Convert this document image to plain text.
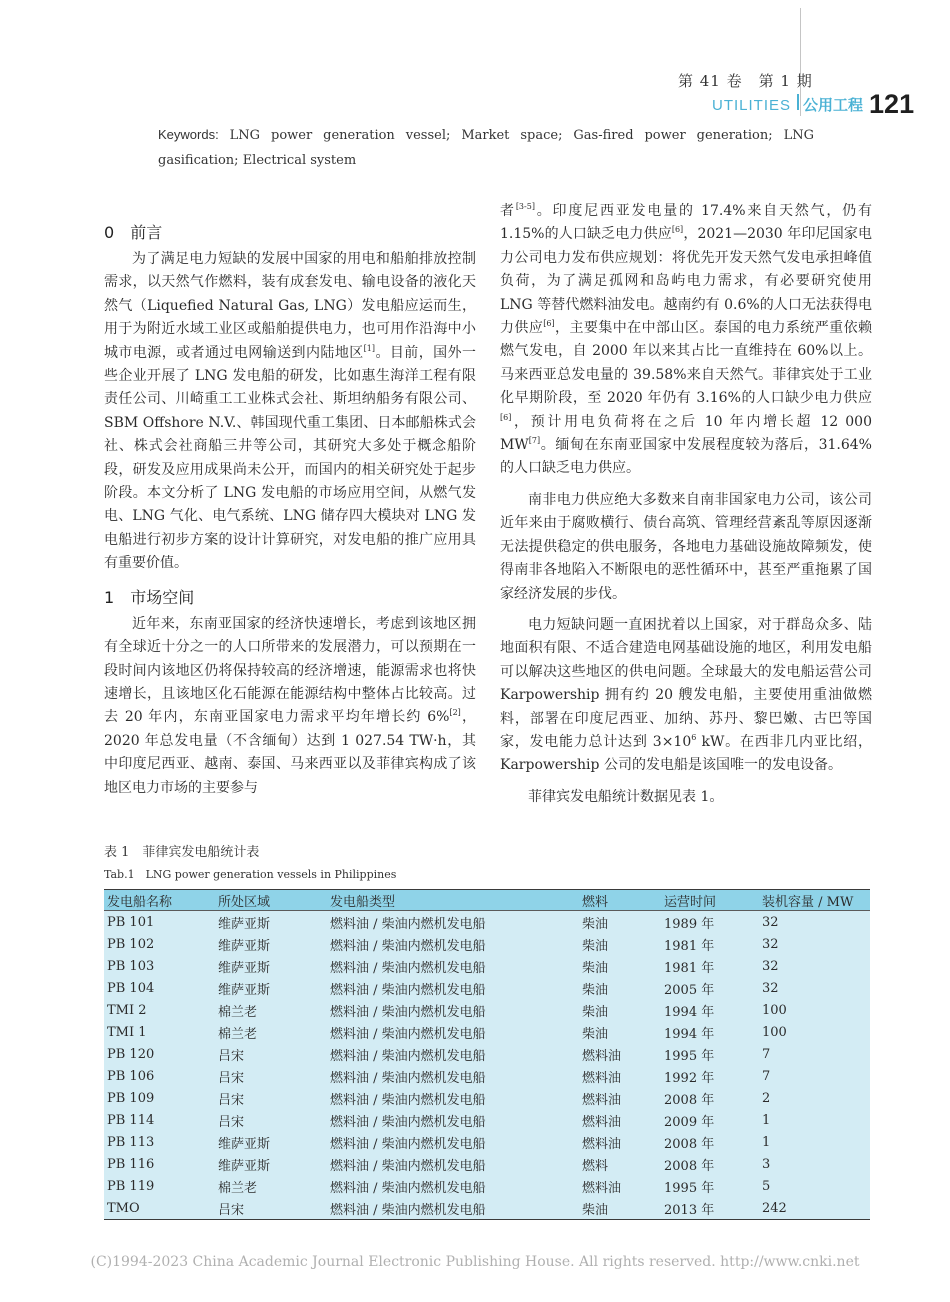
第 41 卷　第 1 期
UTILITIES 公用工程 121
Keywords: LNG power generation vessel; Market space; Gas-fired power generation; LNG gasification; Electrical system
0 前言

为了满足电力短缺的发展中国家的用电和船舶排放控制需求，以天然气作燃料，装有成套发电、输电设备的液化天然气（Liquefied Natural Gas, LNG）发电船应运而生，用于为附近水域工业区或船舶提供电力，也可用作沿海中小城市电源，或者通过电网输送到内陆地区[1]。目前，国外一些企业开展了 LNG 发电船的研发，比如惠生海洋工程有限责任公司、川崎重工工业株式会社、斯坦纳船务有限公司、SBM Offshore N.V.、韩国现代重工集团、日本邮船株式会社、株式会社商船三井等公司，其研究大多处于概念船阶段，研发及应用成果尚未公开，而国内的相关研究处于起步阶段。本文分析了 LNG 发电船的市场应用空间，从燃气发电、LNG 气化、电气系统、LNG 储存四大模块对 LNG 发电船进行初步方案的设计计算研究，对发电船的推广应用具有重要价值。

1 市场空间

近年来，东南亚国家的经济快速增长，考虑到该地区拥有全球近十分之一的人口所带来的发展潜力，可以预期在一段时间内该地区仍将保持较高的经济增速，能源需求也将快速增长，且该地区化石能源在能源结构中整体占比较高。过去 20 年内，东南亚国家电力需求平均年增长约 6%[2]，2020 年总发电量（不含缅甸）达到 1 027.54 TW·h，其中印度尼西亚、越南、泰国、马来西亚以及菲律宾构成了该地区电力市场的主要参与

者[3-5]。印度尼西亚发电量的 17.4%来自天然气，仍有 1.15%的人口缺乏电力供应[6]，2021—2030 年印尼国家电力公司电力发布供应规划：将优先开发天然气发电承担峰值负荷，为了满足孤网和岛屿电力需求，有必要研究使用 LNG 等替代燃料油发电。越南约有 0.6%的人口无法获得电力供应[6]，主要集中在中部山区。泰国的电力系统严重依赖燃气发电，自 2000 年以来其占比一直维持在 60%以上。马来西亚总发电量的 39.58%来自天然气。菲律宾处于工业化早期阶段，至 2020 年仍有 3.16%的人口缺少电力供应[6]，预计用电负荷将在之后 10 年内增长超 12 000 MW[7]。缅甸在东南亚国家中发展程度较为落后，31.64%的人口缺乏电力供应。

南非电力供应绝大多数来自南非国家电力公司，该公司近年来由于腐败横行、债台高筑、管理经营紊乱等原因逐渐无法提供稳定的供电服务，各地电力基础设施故障频发，使得南非各地陷入不断限电的恶性循环中，甚至严重拖累了国家经济发展的步伐。

电力短缺问题一直困扰着以上国家，对于群岛众多、陆地面积有限、不适合建造电网基础设施的地区，利用发电船可以解决这些地区的供电问题。全球最大的发电船运营公司 Karpowership 拥有约 20 艘发电船，主要使用重油做燃料，部署在印度尼西亚、加纳、苏丹、黎巴嫩、古巴等国家，发电能力总计达到 $3\times 10^6$ kW。在西非几内亚比绍，Karpowership 公司的发电船是该国唯一的发电设备。

菲律宾发电船统计数据见表 1。

表 1　菲律宾发电船统计表
Tab.1　LNG power generation vessels in Philippines
发电船名称	所处区域	发电船类型	燃料	运营时间	装机容量 / MW
PB 101	维萨亚斯	燃料油 / 柴油内燃机发电船	柴油	1989 年	32
PB 102	维萨亚斯	燃料油 / 柴油内燃机发电船	柴油	1981 年	32
PB 103	维萨亚斯	燃料油 / 柴油内燃机发电船	柴油	1981 年	32
PB 104	维萨亚斯	燃料油 / 柴油内燃机发电船	柴油	2005 年	32
TMI 2	棉兰老	燃料油 / 柴油内燃机发电船	柴油	1994 年	100
TMI 1	棉兰老	燃料油 / 柴油内燃机发电船	柴油	1994 年	100
PB 120	吕宋	燃料油 / 柴油内燃机发电船	燃料油	1995 年	7
PB 106	吕宋	燃料油 / 柴油内燃机发电船	燃料油	1992 年	7
PB 109	吕宋	燃料油 / 柴油内燃机发电船	燃料油	2008 年	2
PB 114	吕宋	燃料油 / 柴油内燃机发电船	燃料油	2009 年	1
PB 113	维萨亚斯	燃料油 / 柴油内燃机发电船	燃料油	2008 年	1
PB 116	维萨亚斯	燃料油 / 柴油内燃机发电船	燃料	2008 年	3
PB 119	棉兰老	燃料油 / 柴油内燃机发电船	燃料油	1995 年	5
TMO	吕宋	燃料油 / 柴油内燃机发电船	柴油	2013 年	242
(C)1994-2023 China Academic Journal Electronic Publishing House. All rights reserved. http://www.cnki.net
